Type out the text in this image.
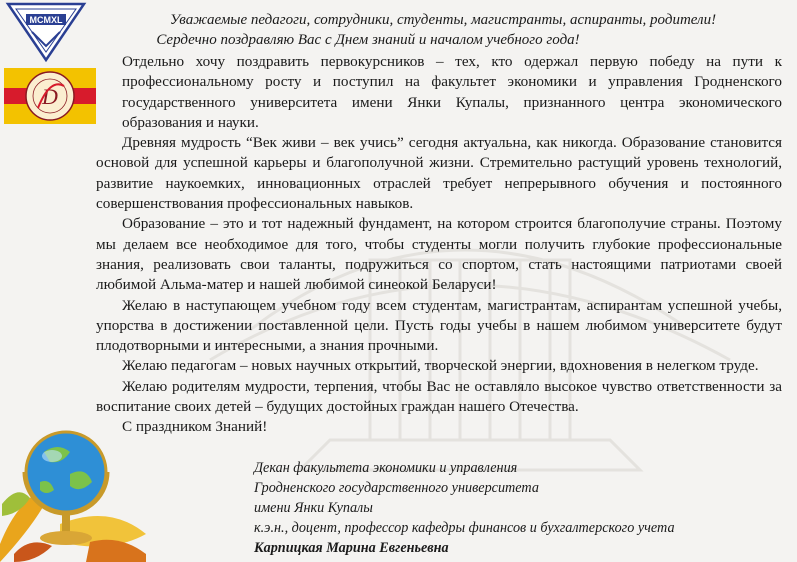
MCMXL
D
Уважаемые педагоги, сотрудники, студенты, магистранты, аспиранты, родители!
Сердечно поздравляю Вас с Днем знаний и началом учебного года!

Отдельно хочу поздравить первокурсников – тех, кто одержал первую победу на пути к профессиональному росту и поступил на факультет экономики и управления Гродненского государственного университета имени Янки Купалы, признанного центра экономического образования и науки.

Древняя мудрость “Век живи – век учись” сегодня актуальна, как никогда. Образование становится основой для успешной карьеры и благополучной жизни. Стремительно растущий уровень технологий, развитие наукоемких, инновационных отраслей требует непрерывного обучения и постоянного совершенствования профессиональных навыков.

Образование – это и тот надежный фундамент, на котором строится благополучие страны. Поэтому мы делаем все необходимое для того, чтобы студенты могли получить глубокие профессиональные знания, реализовать свои таланты, подружиться со спортом, стать настоящими патриотами своей любимой Альма-матер и нашей любимой синеокой Беларуси!

Желаю в наступающем учебном году всем студентам, магистрантам, аспирантам успешной учебы, упорства в достижении поставленной цели. Пусть годы учебы в нашем любимом университете будут плодотворными и интересными, а знания прочными.

Желаю педагогам – новых научных открытий, творческой энергии, вдохновения в нелегком труде.

Желаю родителям мудрости, терпения, чтобы Вас не оставляло высокое чувство ответственности за воспитание своих детей – будущих достойных граждан нашего Отечества.

С праздником Знаний!

Декан факультета экономики и управления
Гродненского государственного университета
имени Янки Купалы
к.э.н., доцент, профессор кафедры финансов и бухгалтерского учета
Карпицкая Марина Евгеньевна
